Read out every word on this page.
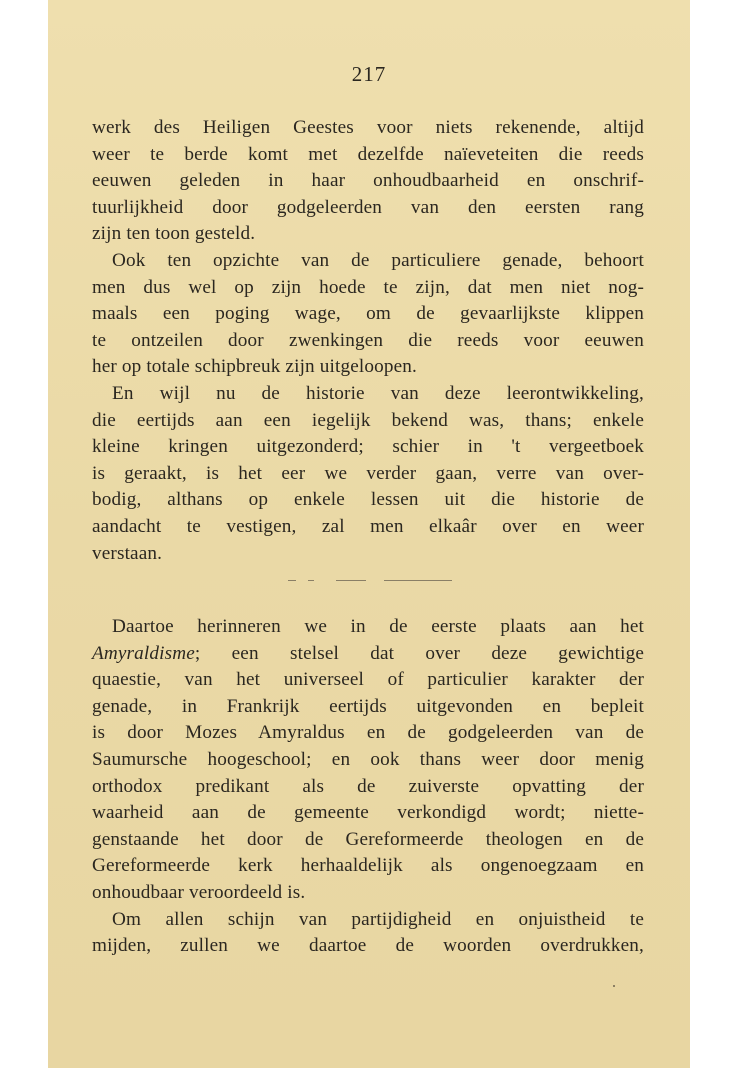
217
werk des Heiligen Geestes voor niets rekenende, altijd
weer te berde komt met dezelfde naïeveteiten die reeds
eeuwen geleden in haar onhoudbaarheid en onschrif-
tuurlijkheid door godgeleerden van den eersten rang
zijn ten toon gesteld.
Ook ten opzichte van de particuliere genade, behoort
men dus wel op zijn hoede te zijn, dat men niet nog-
maals een poging wage, om de gevaarlijkste klippen
te ontzeilen door zwenkingen die reeds voor eeuwen
her op totale schipbreuk zijn uitgeloopen.
En wijl nu de historie van deze leerontwikkeling,
die eertijds aan een iegelijk bekend was, thans; enkele
kleine kringen uitgezonderd; schier in 't vergeetboek
is geraakt, is het eer we verder gaan, verre van over-
bodig, althans op enkele lessen uit die historie de
aandacht te vestigen, zal men elkaâr over en weer
verstaan.
Daartoe herinneren we in de eerste plaats aan het
Amyraldisme; een stelsel dat over deze gewichtige
quaestie, van het universeel of particulier karakter der
genade, in Frankrijk eertijds uitgevonden en bepleit
is door Mozes Amyraldus en de godgeleerden van de
Saumursche hoogeschool; en ook thans weer door menig
orthodox predikant als de zuiverste opvatting der
waarheid aan de gemeente verkondigd wordt; niette-
genstaande het door de Gereformeerde theologen en de
Gereformeerde kerk herhaaldelijk als ongenoegzaam en
onhoudbaar veroordeeld is.
Om allen schijn van partijdigheid en onjuistheid te
mijden, zullen we daartoe de woorden overdrukken,
